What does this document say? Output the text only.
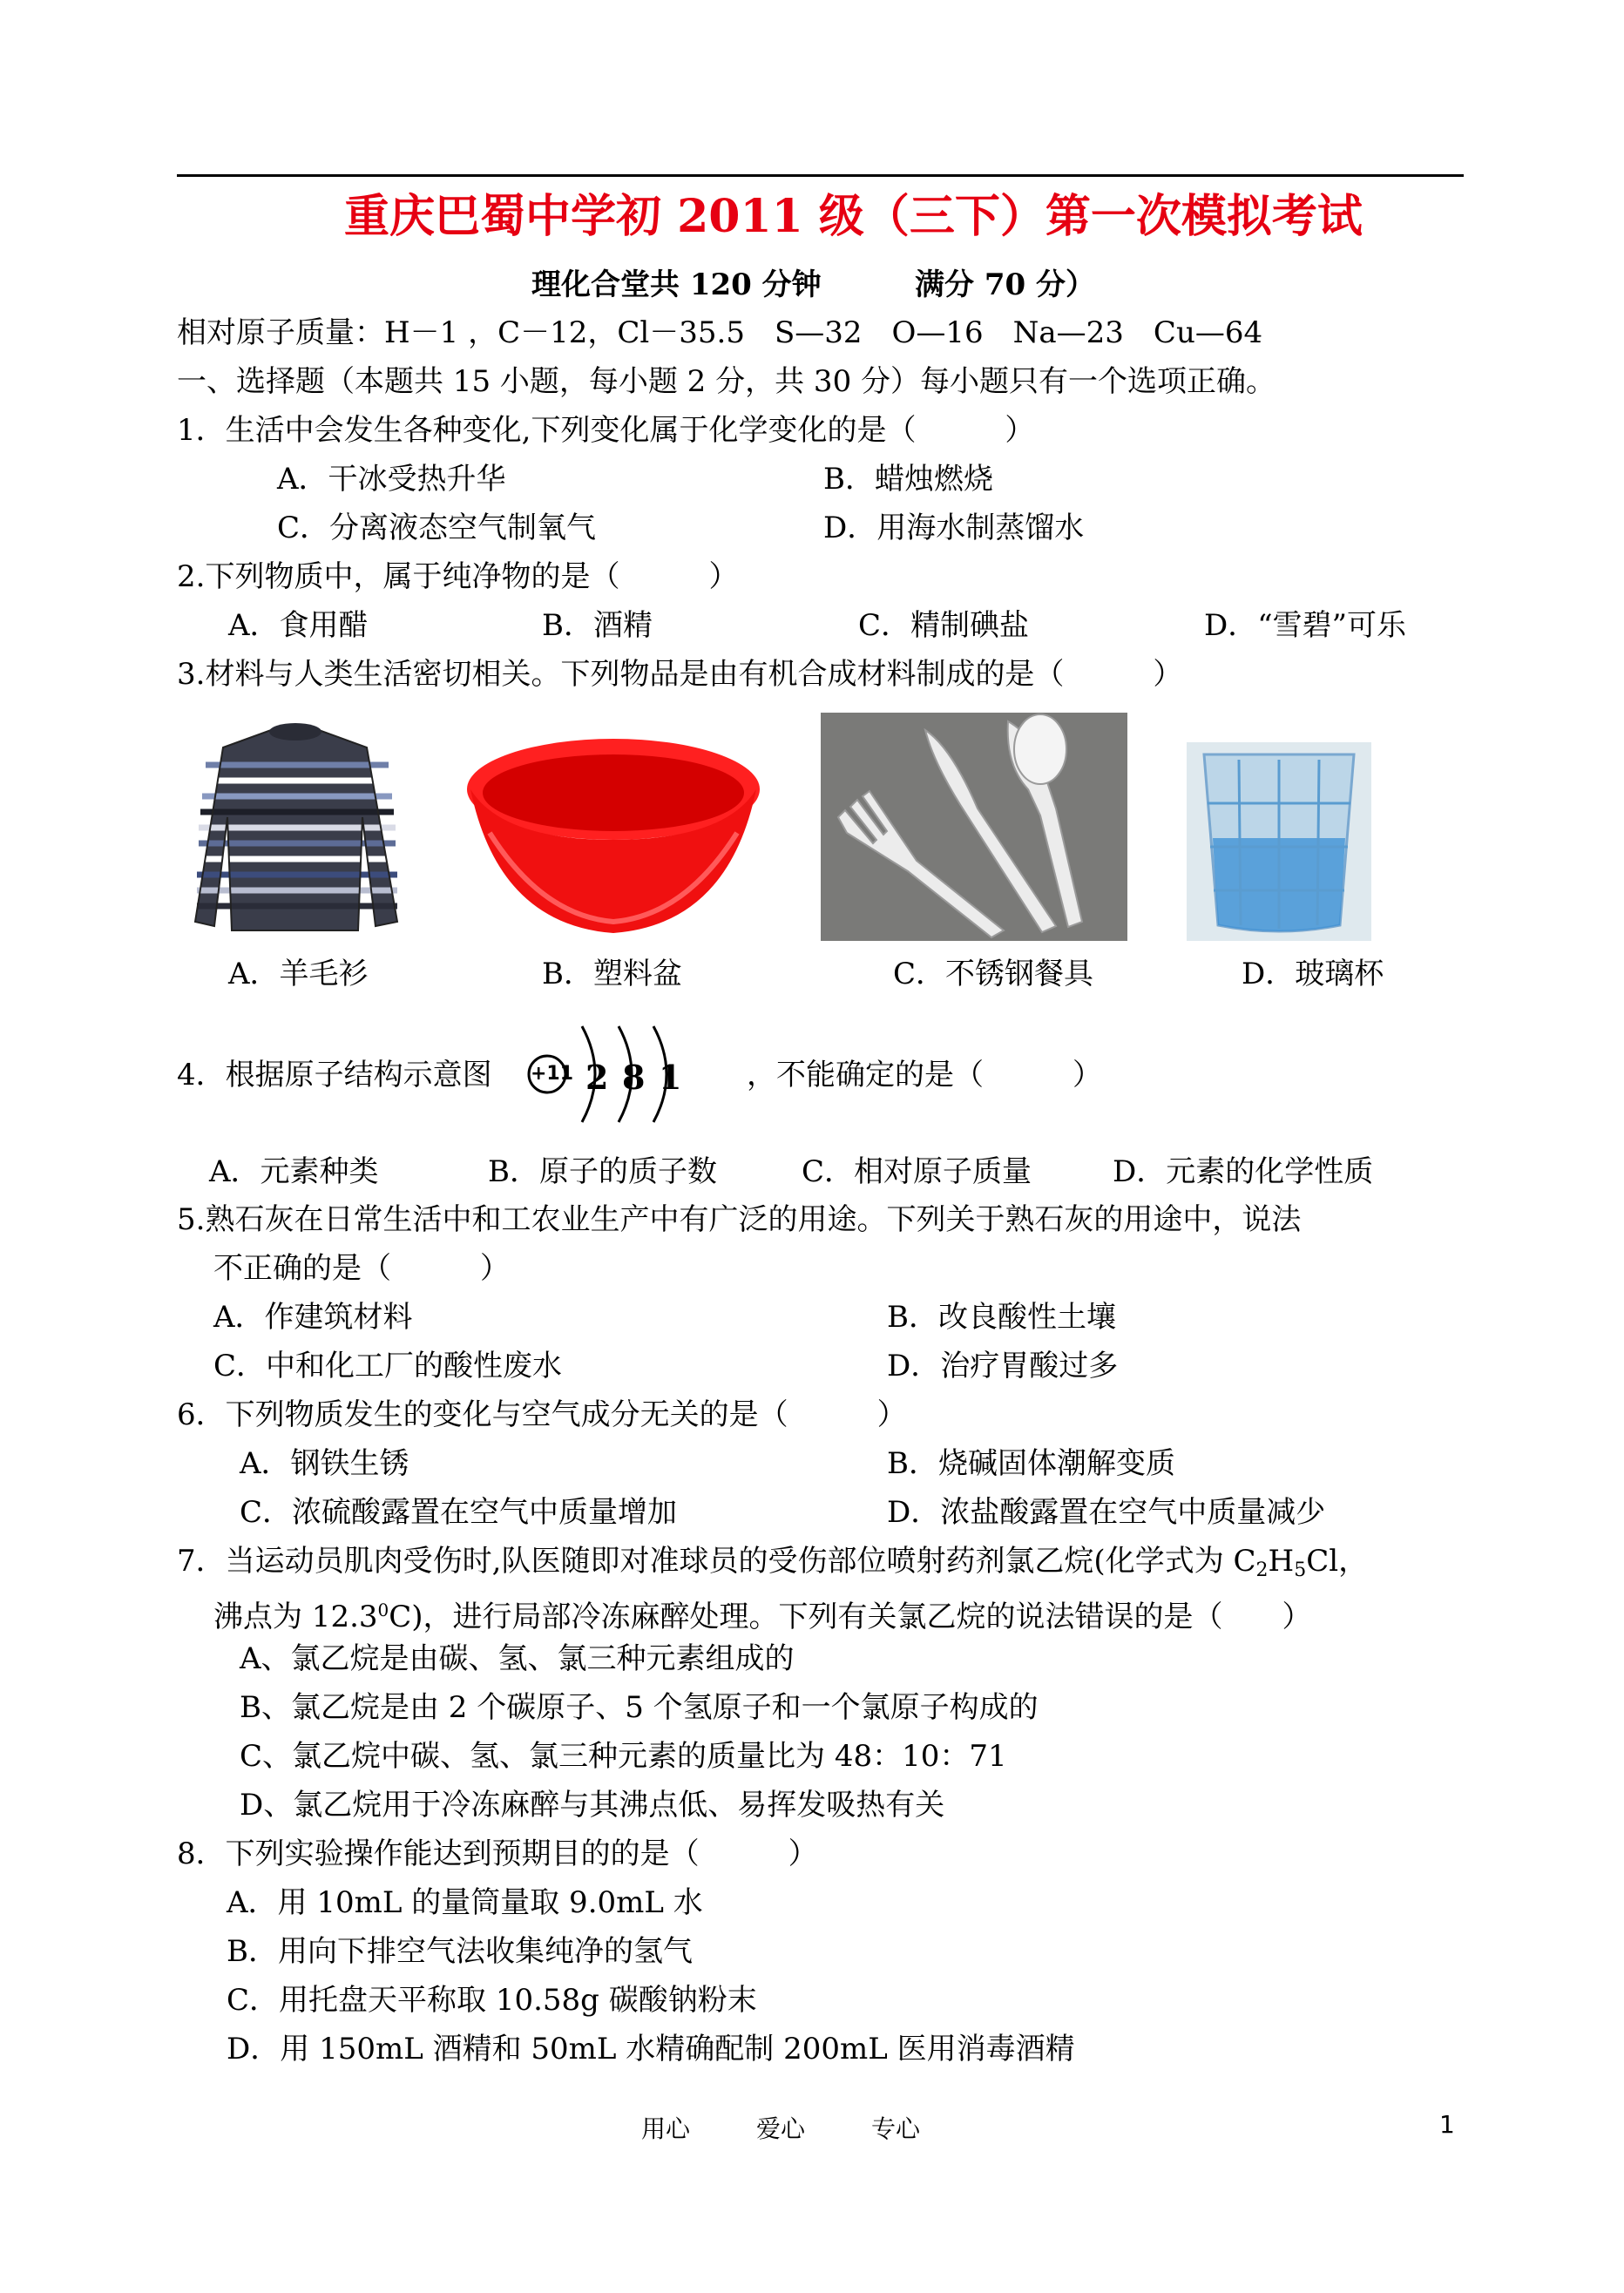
重庆巴蜀中学初 2011 级（三下）第一次模拟考试
理化合堂共 120 分钟	满分 70 分）
相对原子质量：H－1 ，C－12，Cl－35.5　S—32　O—16　Na—23　Cu—64
一、选择题（本题共 15 小题，每小题 2 分，共 30 分）每小题只有一个选项正确。
1．生活中会发生各种变化,下列变化属于化学变化的是（　　　）
A．干冰受热升华	B．蜡烛燃烧
C．分离液态空气制氧气	D．用海水制蒸馏水
2.下列物质中，属于纯净物的是（　　　）
A．食用醋	B．酒精	C．精制碘盐	D．“雪碧”可乐
3.材料与人类生活密切相关。下列物品是由有机合成材料制成的是（　　　）
A．羊毛衫	B．塑料盆	C．不锈钢餐具	D．玻璃杯
4．根据原子结构示意图 +11 2 8 1 ，不能确定的是（　　　）
A．元素种类	B．原子的质子数	C．相对原子质量	D．元素的化学性质
5.熟石灰在日常生活中和工农业生产中有广泛的用途。下列关于熟石灰的用途中，说法
不正确的是（　　　）
A．作建筑材料	B．改良酸性土壤
C．中和化工厂的酸性废水	D．治疗胃酸过多
6．下列物质发生的变化与空气成分无关的是（　　　）
A．钢铁生锈	B．烧碱固体潮解变质
C．浓硫酸露置在空气中质量增加	D．浓盐酸露置在空气中质量减少
7．当运动员肌肉受伤时,队医随即对准球员的受伤部位喷射药剂氯乙烷(化学式为 $C_2H_5Cl$，
沸点为 12.3$^0$C)，进行局部冷冻麻醉处理。下列有关氯乙烷的说法错误的是（　　）
A、氯乙烷是由碳、氢、氯三种元素组成的
B、氯乙烷是由 2 个碳原子、5 个氢原子和一个氯原子构成的
C、氯乙烷中碳、氢、氯三种元素的质量比为 48：10：71
D、氯乙烷用于冷冻麻醉与其沸点低、易挥发吸热有关
8．下列实验操作能达到预期目的的是（　　　）
A．用 10mL 的量筒量取 9.0mL 水
B．用向下排空气法收集纯净的氢气
C．用托盘天平称取 10.58g 碳酸钠粉末
D．用 150mL 酒精和 50mL 水精确配制 200mL 医用消毒酒精
用心	爱心	专心	1
